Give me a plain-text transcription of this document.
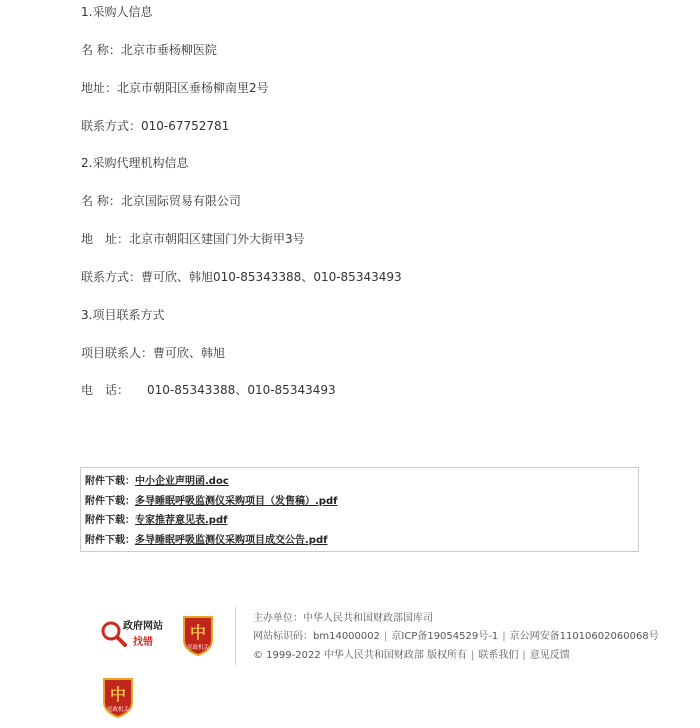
1.采购人信息
名 称：北京市垂杨柳医院
地址：北京市朝阳区垂杨柳南里2号
联系方式：010-67752781
2.采购代理机构信息
名 称：北京国际贸易有限公司
地　址：北京市朝阳区建国门外大街甲3号
联系方式：曹可欣、韩旭010-85343388、010-85343493
3.项目联系方式
项目联系人：曹可欣、韩旭
电　话：　　010-85343388、010-85343493
附件下载：中小企业声明函.doc
附件下载：多导睡眠呼吸监测仪采购项目（发售稿）.pdf
附件下载：专家推荐意见表.pdf
附件下载：多导睡眠呼吸监测仪采购项目成交公告.pdf
政府网站
找错
中
党政机关
中
党政机关
主办单位：中华人民共和国财政部国库司
网站标识码：bm14000002 | 京ICP备19054529号-1 | 京公网安备11010602060068号
© 1999-2022 中华人民共和国财政部 版权所有 | 联系我们 | 意见反馈
